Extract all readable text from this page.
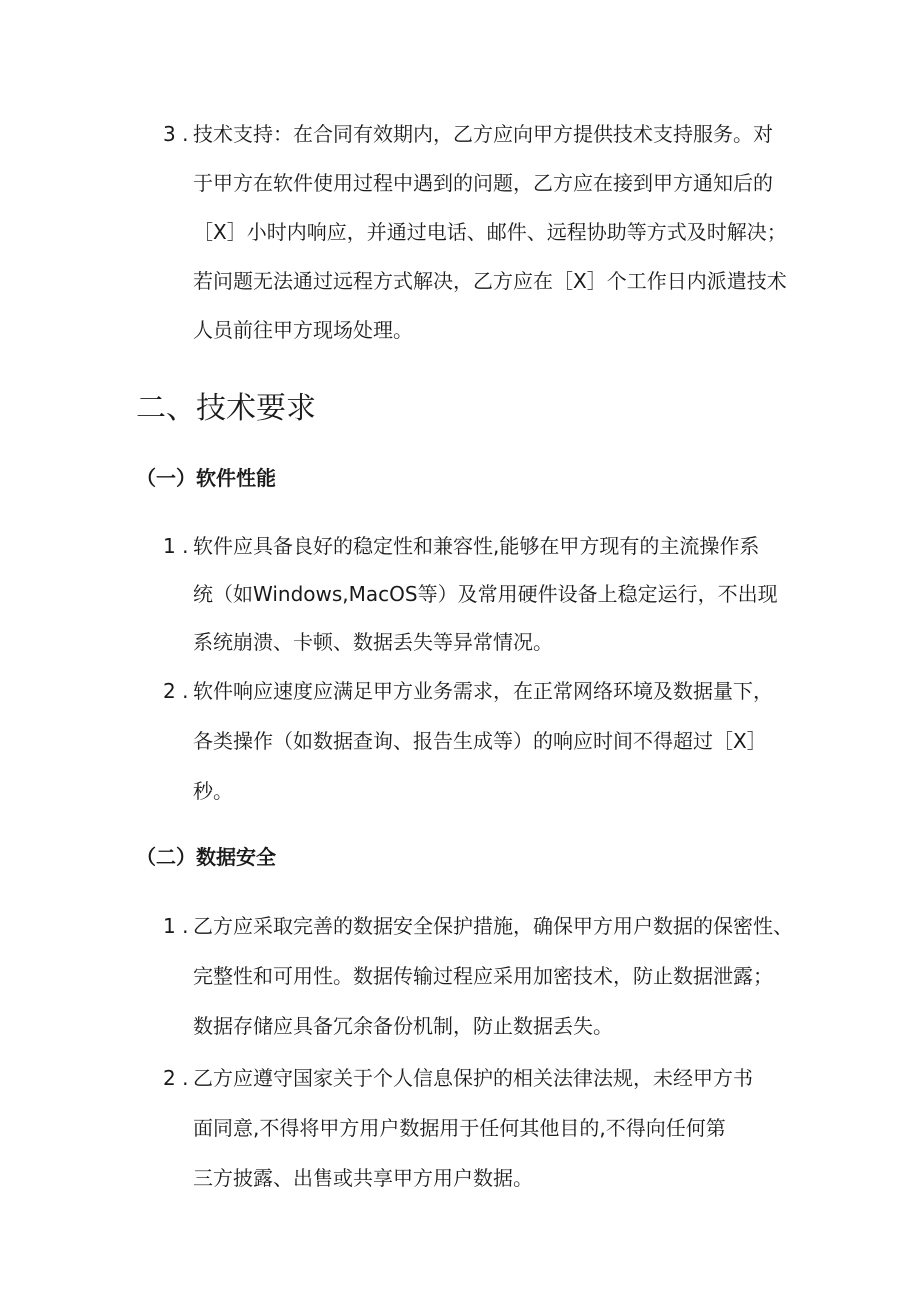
3 . 技术支持：在合同有效期内，乙方应向甲方提供技术支持服务。对
于甲方在软件使用过程中遇到的问题，乙方应在接到甲方通知后的
［X］小时内响应，并通过电话、邮件、远程协助等方式及时解决；
若问题无法通过远程方式解决，乙方应在［X］个工作日内派遣技术
人员前往甲方现场处理。
二、技术要求
（一）软件性能
1 . 软件应具备良好的稳定性和兼容性,能够在甲方现有的主流操作系
统（如Windows,MacOS等）及常用硬件设备上稳定运行，不出现
系统崩溃、卡顿、数据丢失等异常情况。
2 . 软件响应速度应满足甲方业务需求，在正常网络环境及数据量下，
各类操作（如数据查询、报告生成等）的响应时间不得超过［X］
秒。
（二）数据安全
1 . 乙方应采取完善的数据安全保护措施，确保甲方用户数据的保密性、
完整性和可用性。数据传输过程应采用加密技术，防止数据泄露；
数据存储应具备冗余备份机制，防止数据丢失。
2 . 乙方应遵守国家关于个人信息保护的相关法律法规，未经甲方书
面同意,不得将甲方用户数据用于任何其他目的,不得向任何第
三方披露、出售或共享甲方用户数据。
